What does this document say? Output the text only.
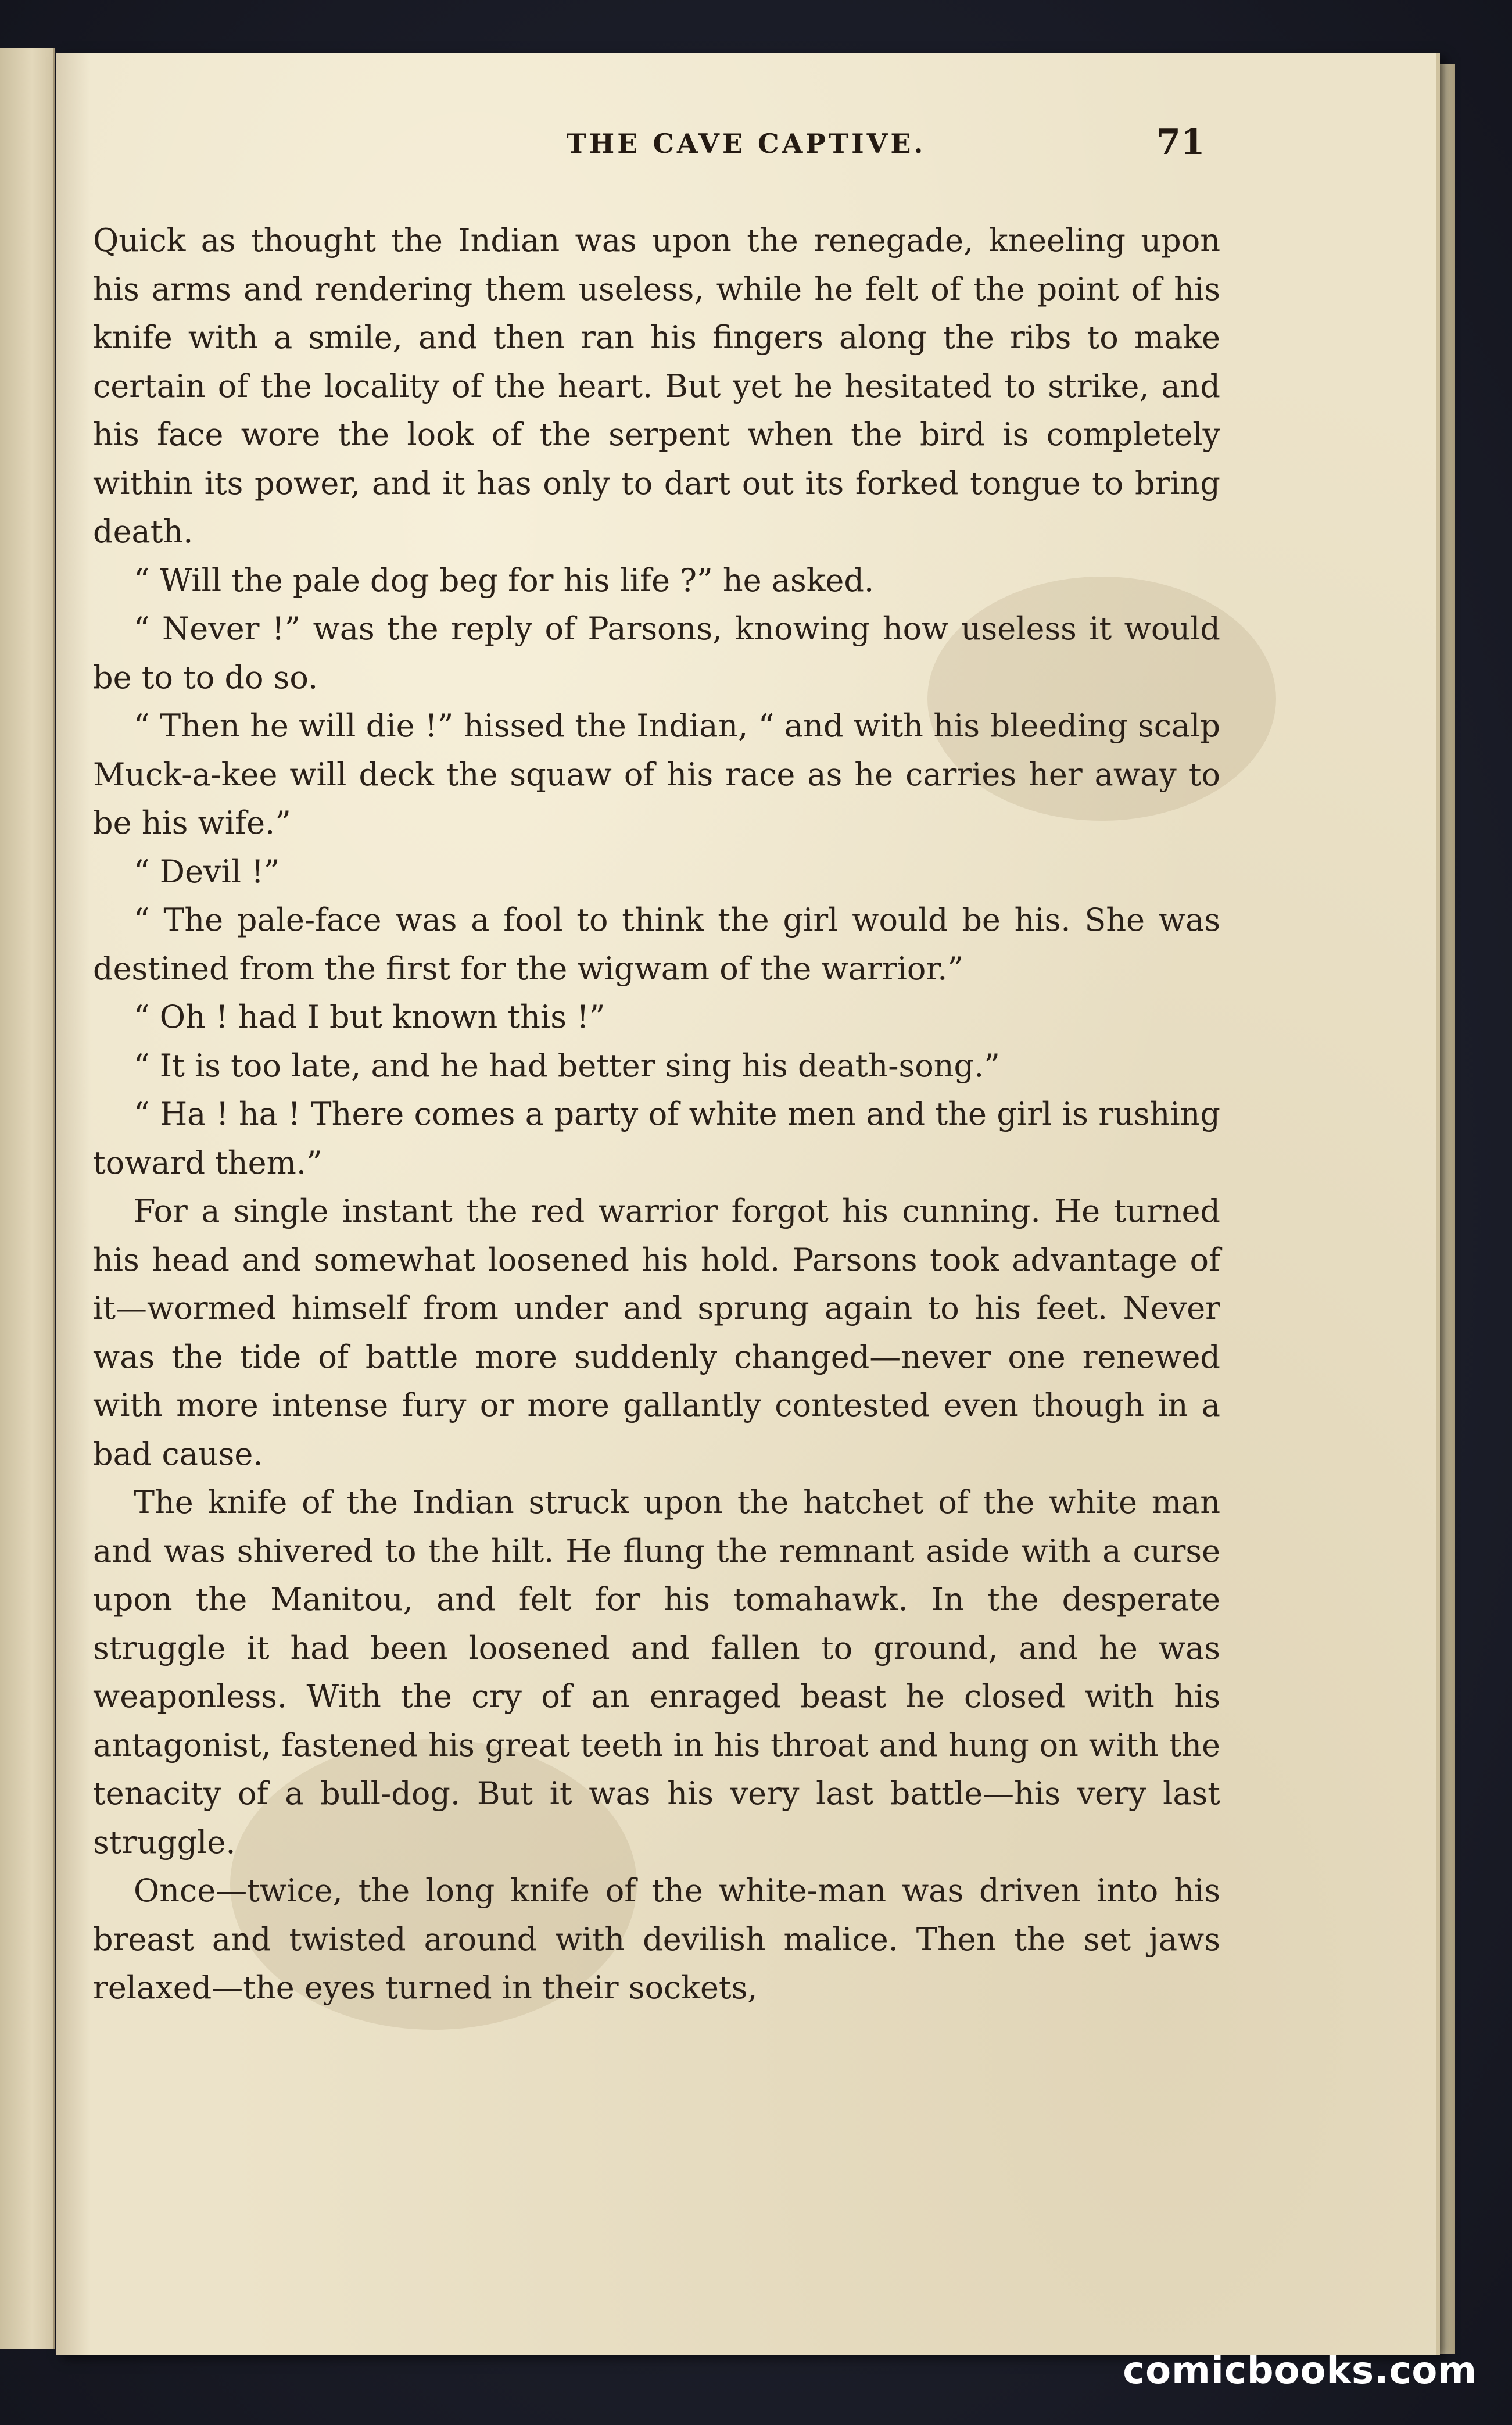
THE CAVE CAPTIVE.	71

Quick as thought the Indian was upon the renegade, kneeling upon his arms and rendering them useless, while he felt of the point of his knife with a smile, and then ran his fingers along the ribs to make certain of the locality of the heart. But yet he hesitated to strike, and his face wore the look of the serpent when the bird is completely within its power, and it has only to dart out its forked tongue to bring death.

“ Will the pale dog beg for his life ?” he asked.

“ Never !” was the reply of Parsons, knowing how useless it would be to to do so.

“ Then he will die !” hissed the Indian, “ and with his bleeding scalp Muck-a-kee will deck the squaw of his race as he carries her away to be his wife.”

“ Devil !”

“ The pale-face was a fool to think the girl would be his. She was destined from the first for the wigwam of the warrior.”

“ Oh ! had I but known this !”

“ It is too late, and he had better sing his death-song.”

“ Ha ! ha ! There comes a party of white men and the girl is rushing toward them.”

For a single instant the red warrior forgot his cunning. He turned his head and somewhat loosened his hold. Parsons took advantage of it—wormed himself from under and sprung again to his feet. Never was the tide of battle more suddenly changed—never one renewed with more intense fury or more gallantly contested even though in a bad cause.

The knife of the Indian struck upon the hatchet of the white man and was shivered to the hilt. He flung the remnant aside with a curse upon the Manitou, and felt for his tomahawk. In the desperate struggle it had been loosened and fallen to ground, and he was weaponless. With the cry of an enraged beast he closed with his antagonist, fastened his great teeth in his throat and hung on with the tenacity of a bull-dog. But it was his very last battle—his very last struggle.

Once—twice, the long knife of the white-man was driven into his breast and twisted around with devilish malice. Then the set jaws relaxed—the eyes turned in their sockets,

comicbooks.com
